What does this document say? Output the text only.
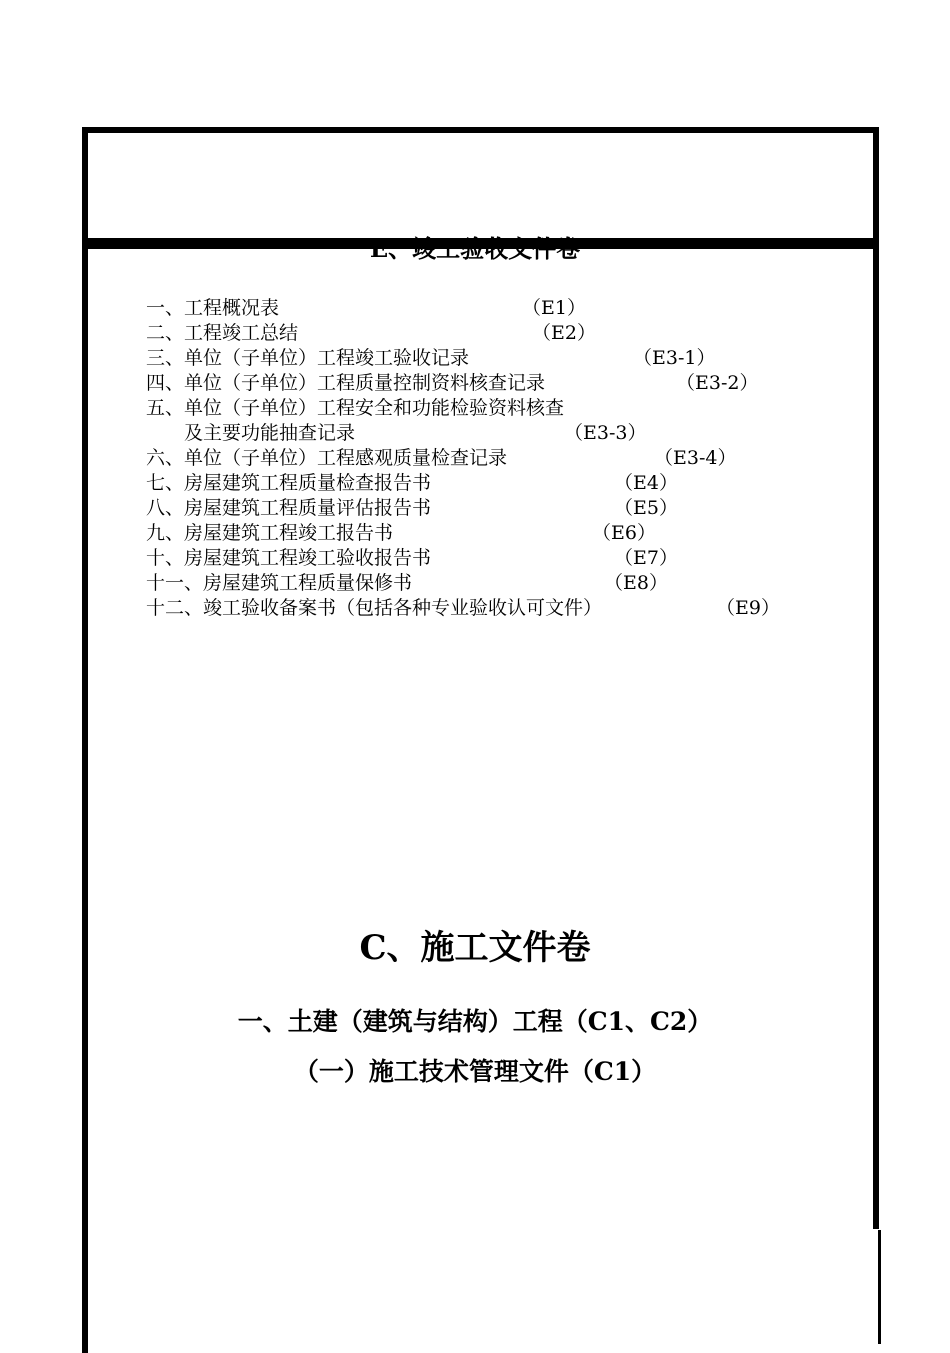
E、竣工验收文件卷
一、工程概况表	（E1）
二、工程竣工总结	（E2）
三、单位（子单位）工程竣工验收记录	（E3-1）
四、单位（子单位）工程质量控制资料核查记录	（E3-2）
五、单位（子单位）工程安全和功能检验资料核查
　　及主要功能抽查记录	（E3-3）
六、单位（子单位）工程感观质量检查记录	（E3-4）
七、房屋建筑工程质量检查报告书	（E4）
八、房屋建筑工程质量评估报告书	（E5）
九、房屋建筑工程竣工报告书	（E6）
十、房屋建筑工程竣工验收报告书	（E7）
十一、房屋建筑工程质量保修书	（E8）
十二、竣工验收备案书（包括各种专业验收认可文件）	（E9）
C、施工文件卷
一、土建（建筑与结构）工程（C1、C2）
（一）施工技术管理文件（C1）
